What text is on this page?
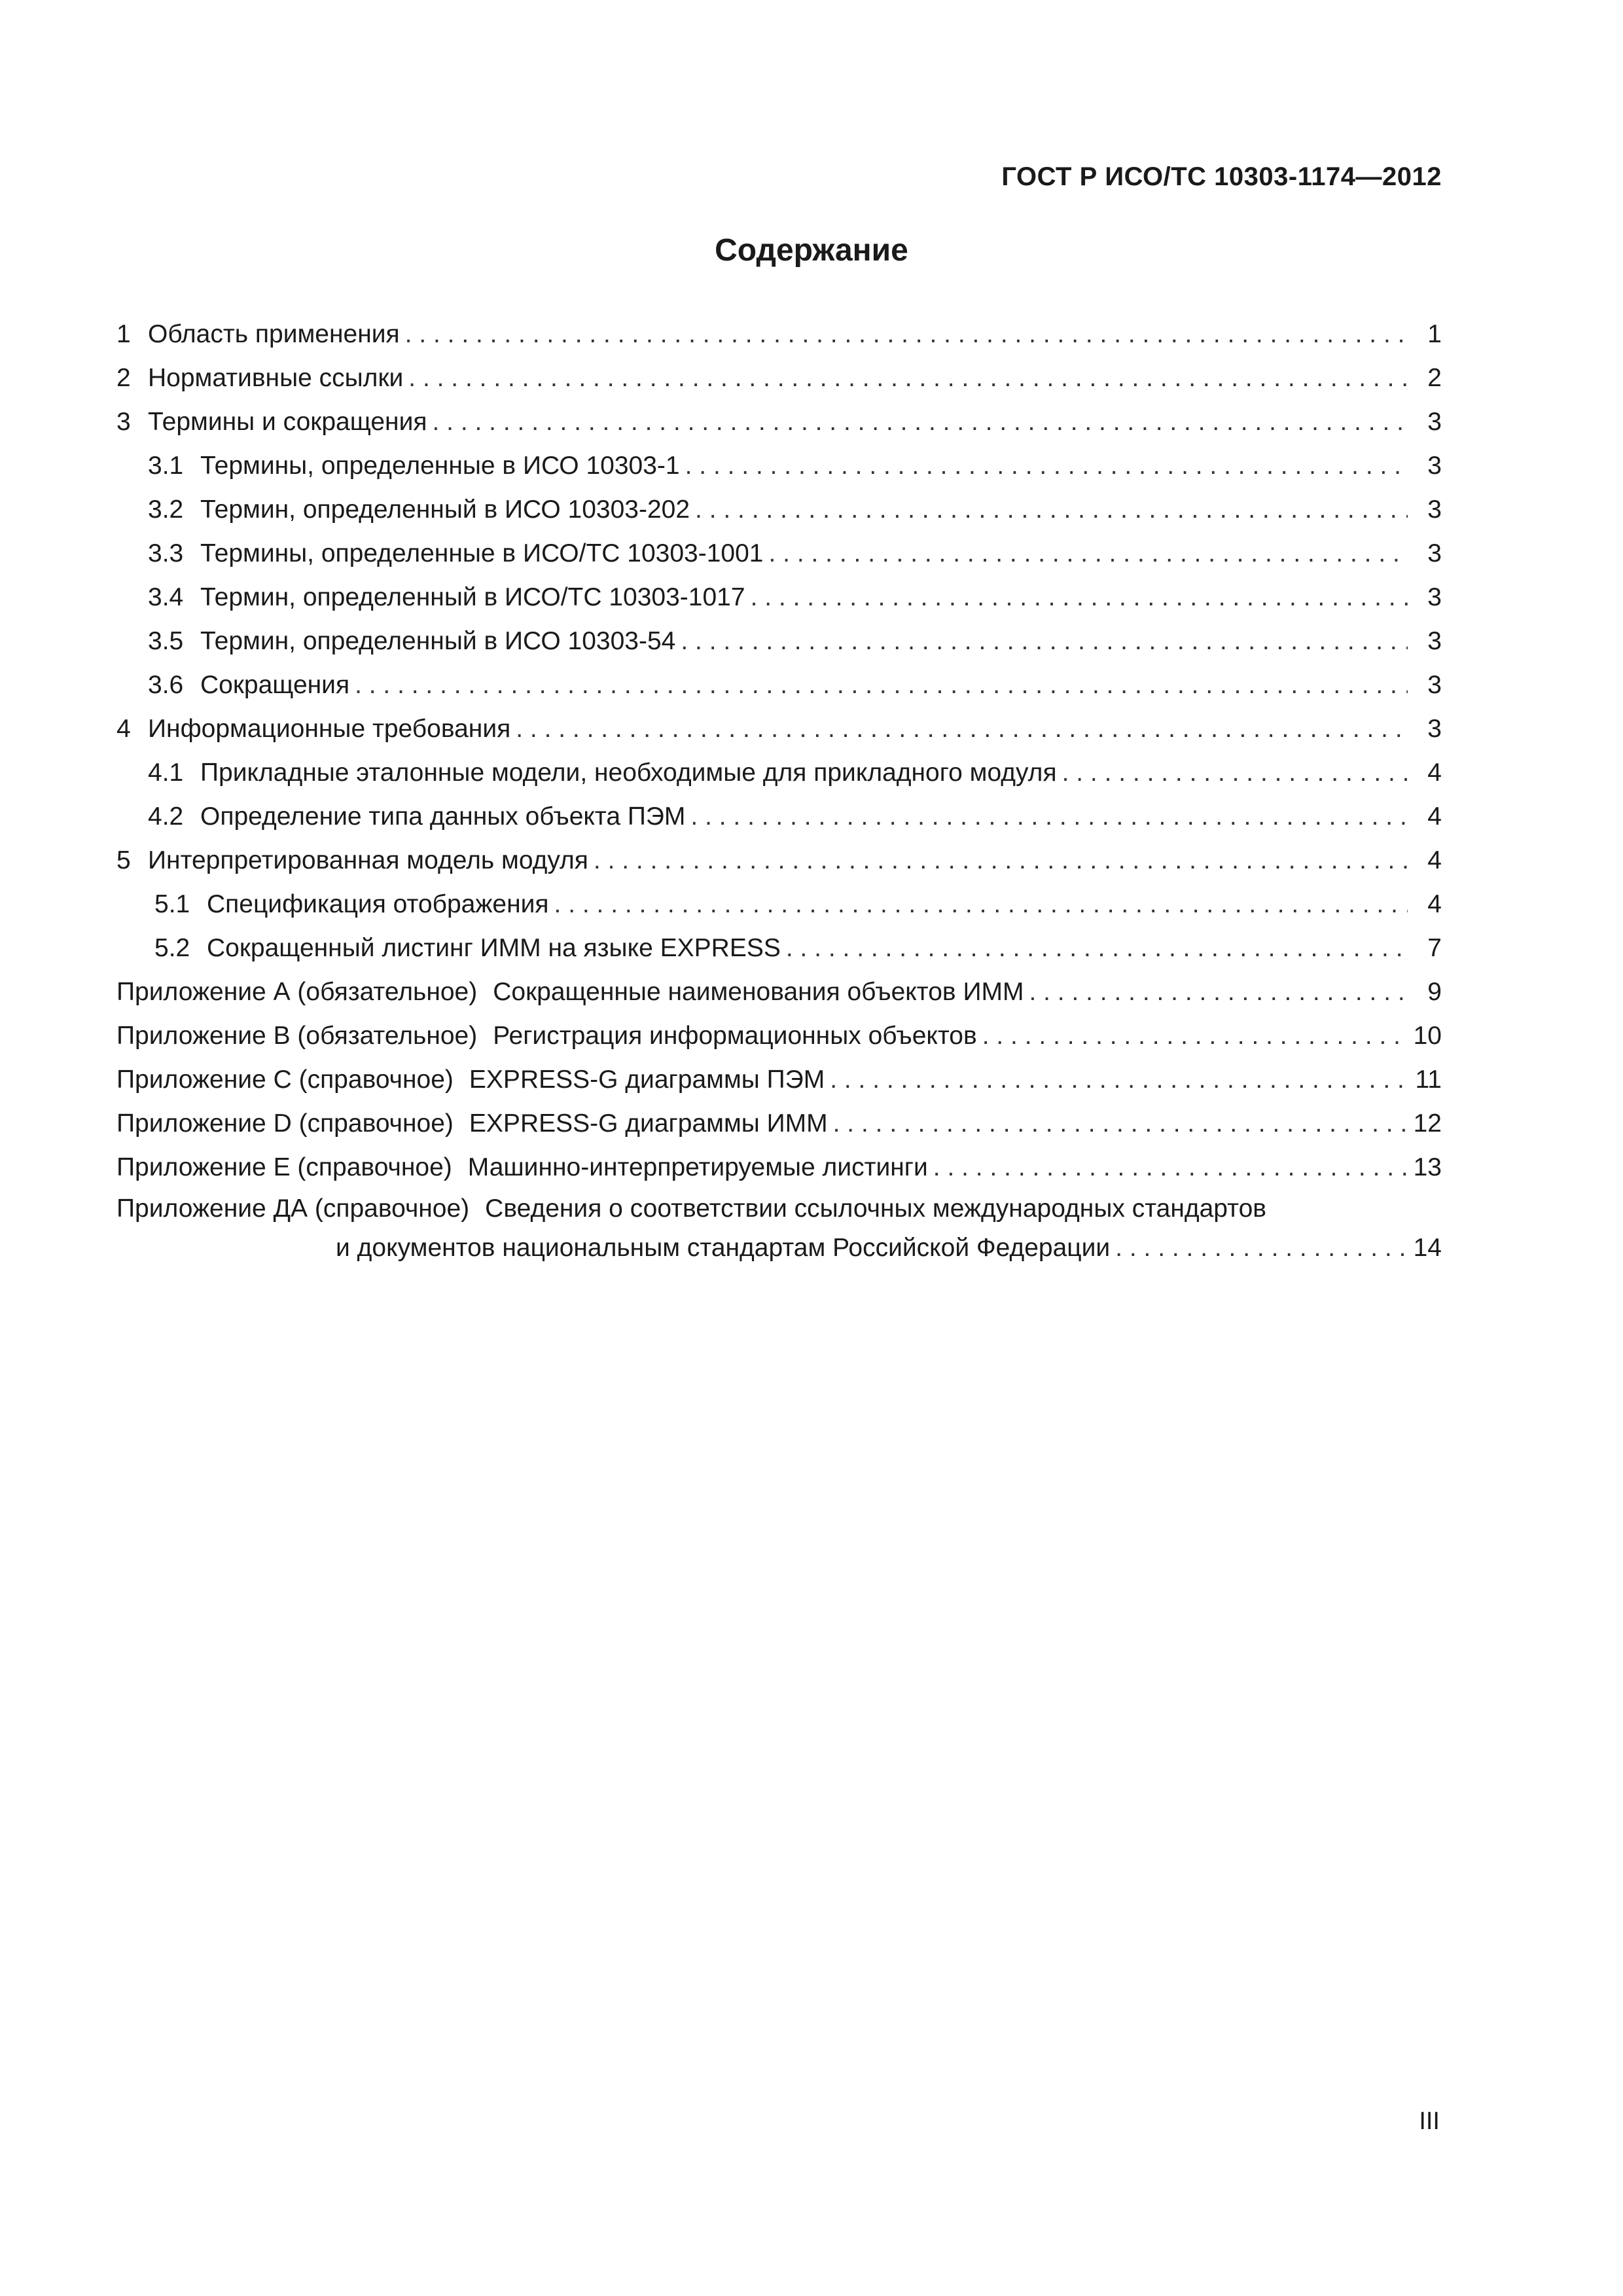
ГОСТ Р ИСО/ТС 10303-1174—2012
Содержание
1 Область применения . . .	1
2 Нормативные ссылки . . .	2
3 Термины и сокращения . . .	3
3.1 Термины, определенные в ИСО 10303-1 . . .	3
3.2 Термин, определенный в ИСО 10303-202 . . .	3
3.3 Термины, определенные в ИСО/ТС 10303-1001 . . .	3
3.4 Термин, определенный в ИСО/ТС 10303-1017 . . .	3
3.5 Термин, определенный в ИСО 10303-54 . . .	3
3.6 Сокращения . . .	3
4 Информационные требования . . .	3
4.1 Прикладные эталонные модели, необходимые для прикладного модуля . . .	4
4.2 Определение типа данных объекта ПЭМ . . .	4
5 Интерпретированная модель модуля . . .	4
5.1 Спецификация отображения . . .	4
5.2 Сокращенный листинг ИММ на языке EXPRESS . . .	7
Приложение А (обязательное) Сокращенные наименования объектов ИММ . . .	9
Приложение В (обязательное) Регистрация информационных объектов . . .	10
Приложение С (справочное) EXPRESS-G диаграммы ПЭМ . . .	11
Приложение D (справочное) EXPRESS-G диаграммы ИММ . . .	12
Приложение Е (справочное) Машинно-интерпретируемые листинги . . .	13
Приложение ДА (справочное) Сведения о соответствии ссылочных международных стандартов
и документов национальным стандартам Российской Федерации . . .	14
III
